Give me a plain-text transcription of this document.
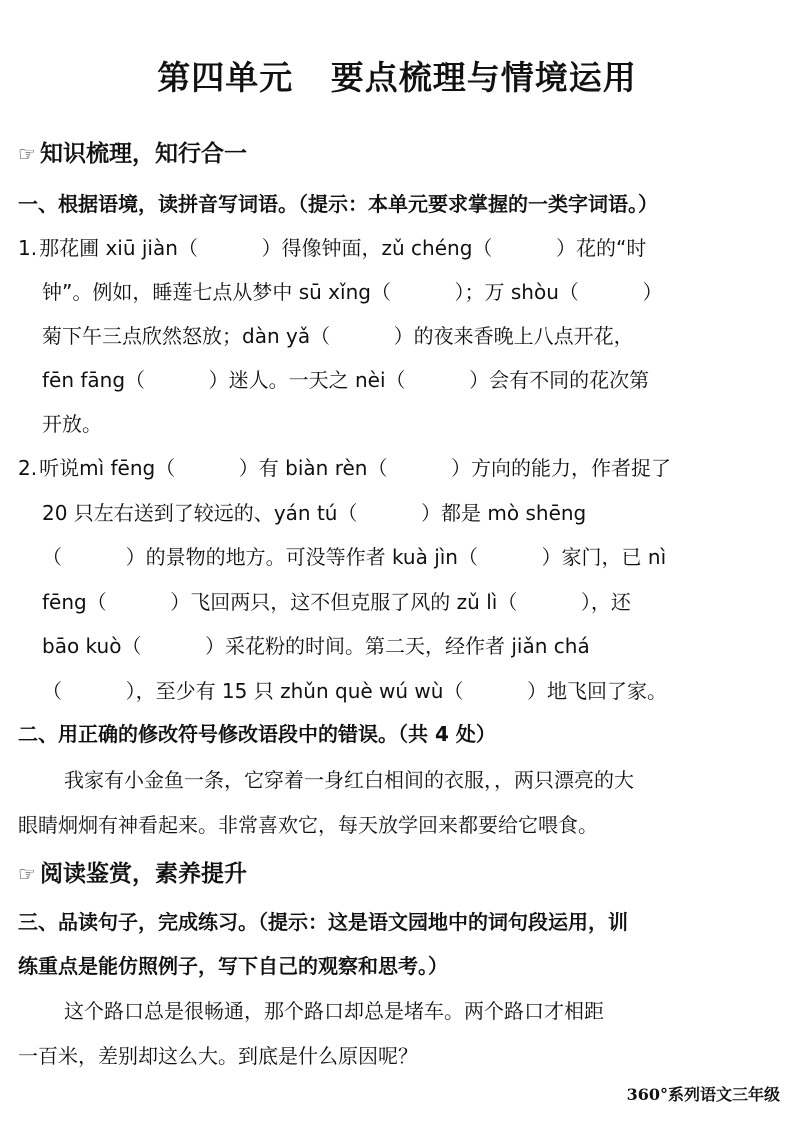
第四单元   要点梳理与情境运用
☞ 知识梳理，知行合一
一、根据语境，读拼音写词语。（提示：本单元要求掌握的一类字词语。）
1. 那花圃 xiū jiàn（          ）得像钟面，zǔ chéng（          ）花的“时
钟”。例如，睡莲七点从梦中 sū xǐng（          ）；万 shòu（          ）
菊下午三点欣然怒放；dàn yǎ（          ）的夜来香晚上八点开花，
fēn fāng（          ）迷人。一天之 nèi（          ）会有不同的花次第
开放。
2. 听说mì fēng（          ）有 biàn rèn（          ）方向的能力，作者捉了
20 只左右送到了较远的、yán tú（          ）都是 mò shēng
（          ）的景物的地方。可没等作者 kuà jìn（          ）家门，已 nì
fēng（          ）飞回两只，这不但克服了风的 zǔ lì（          ），还
bāo kuò（          ）采花粉的时间。第二天，经作者 jiǎn chá
（          ），至少有 15 只 zhǔn què wú wù（          ）地飞回了家。
二、用正确的修改符号修改语段中的错误。（共 4 处）
我家有小金鱼一条，它穿着一身红白相间的衣服，，两只漂亮的大
眼睛炯炯有神看起来。非常喜欢它，每天放学回来都要给它喂食。
☞ 阅读鉴赏，素养提升
三、品读句子，完成练习。（提示：这是语文园地中的词句段运用，训
练重点是能仿照例子，写下自己的观察和思考。）
这个路口总是很畅通，那个路口却总是堵车。两个路口才相距
一百米，差别却这么大。到底是什么原因呢？
360°系列语文三年级
